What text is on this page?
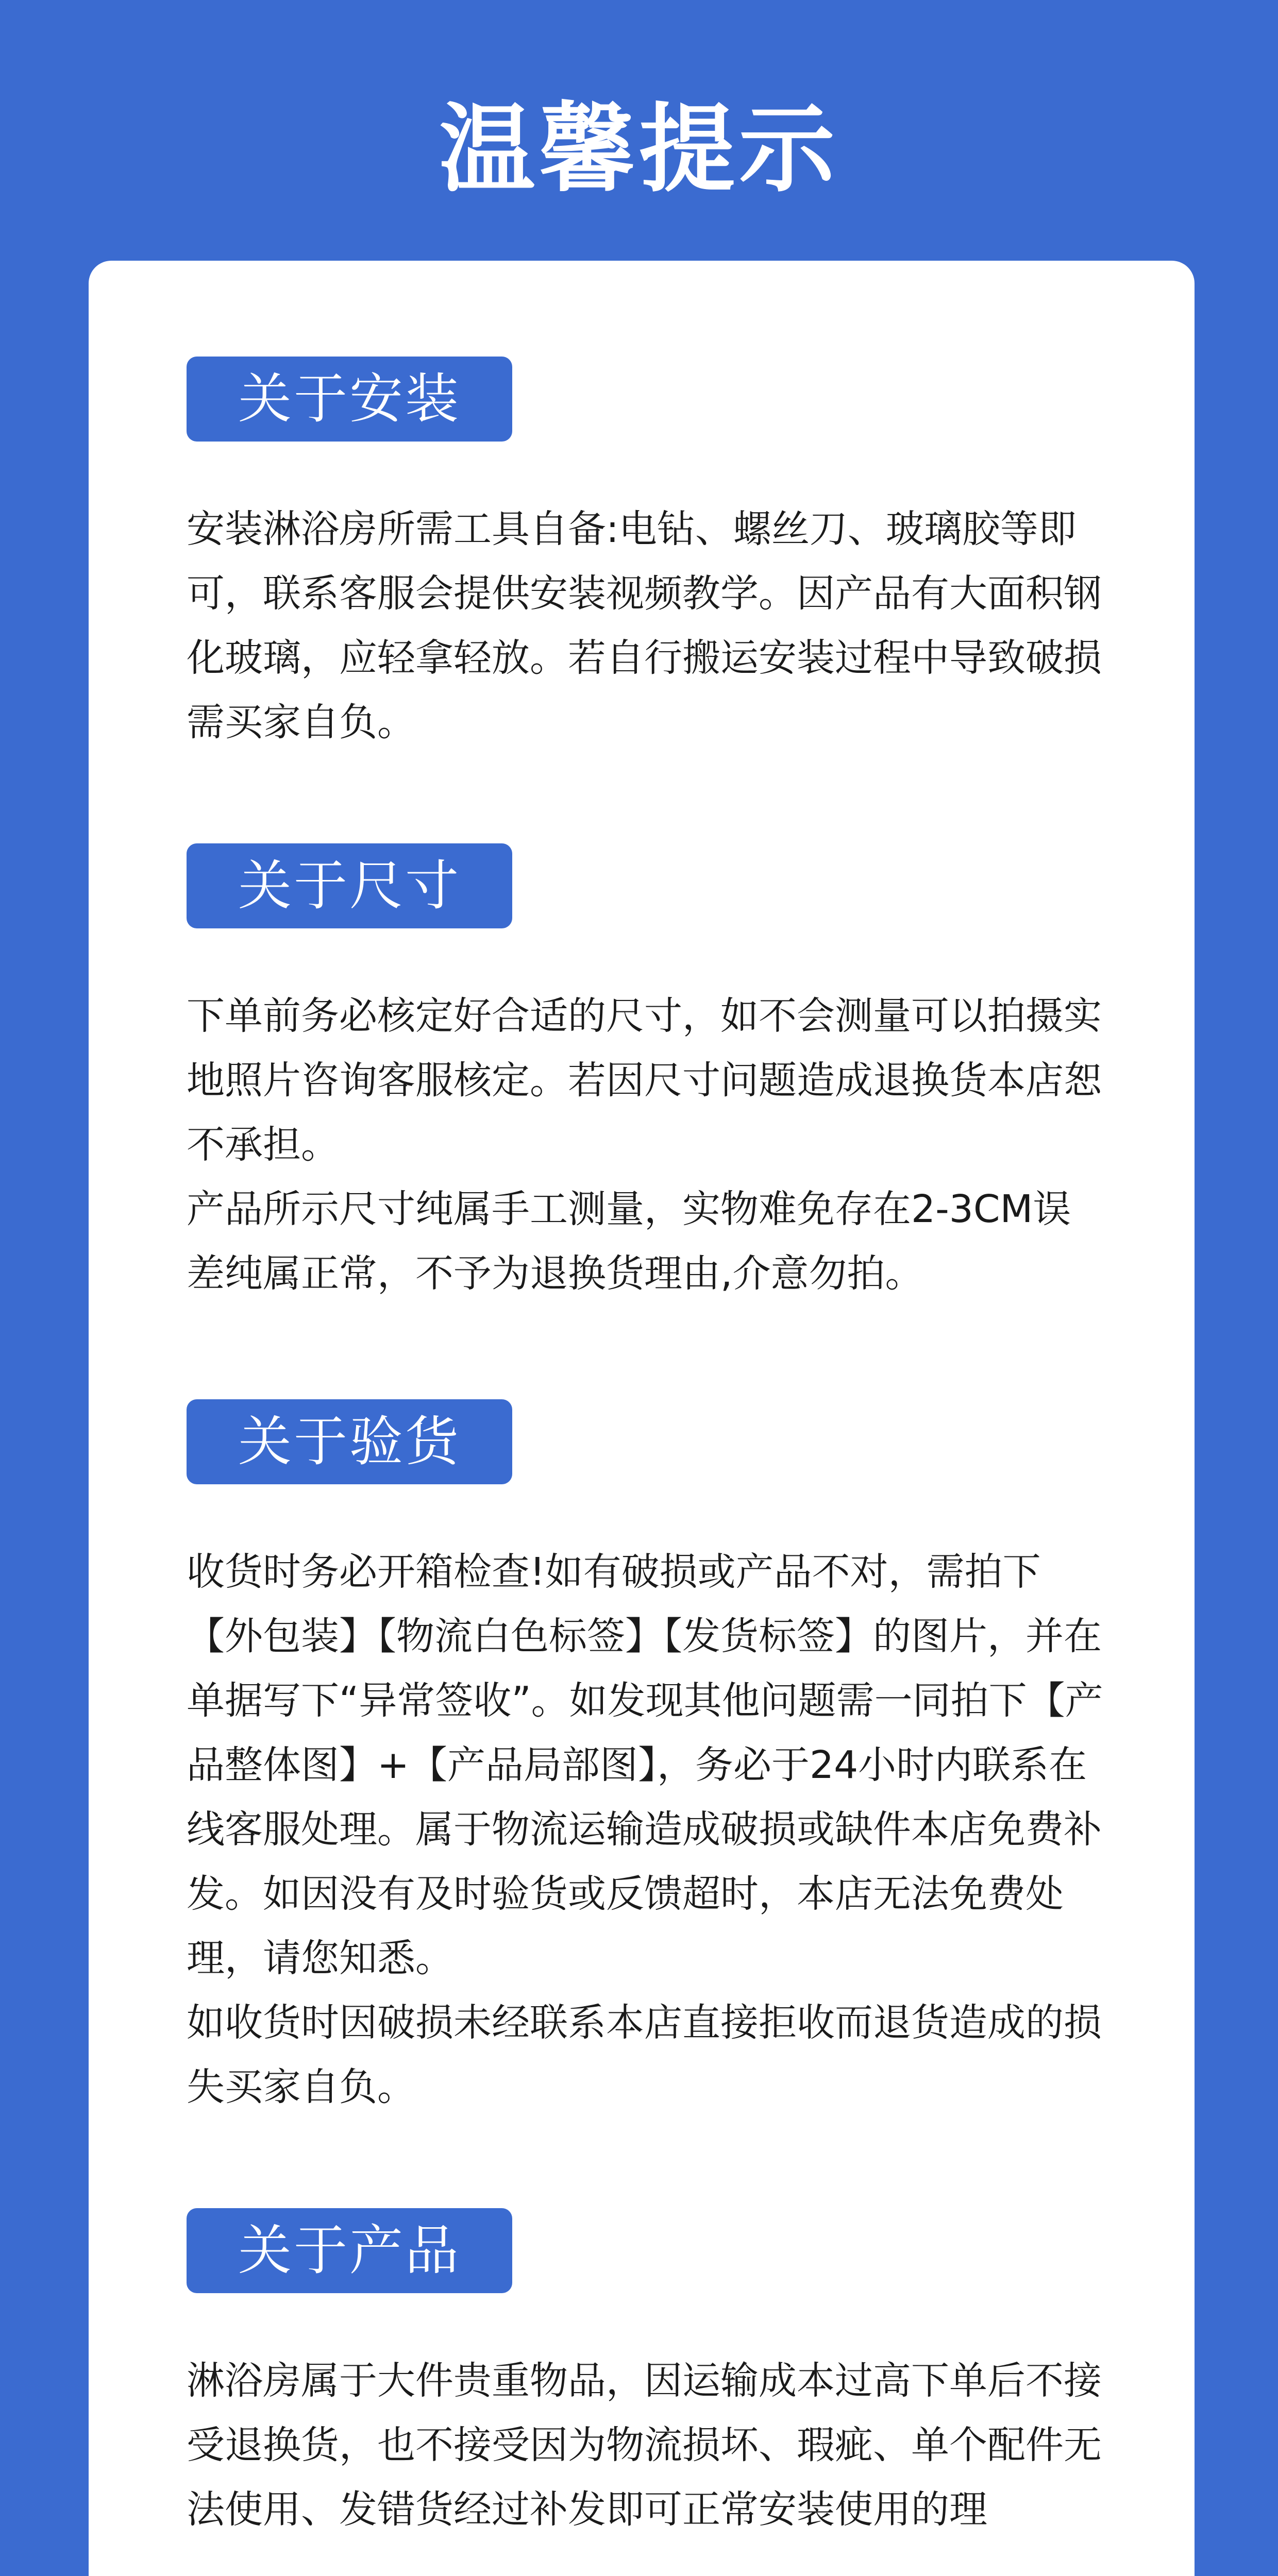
温馨提示
关于安装

安装淋浴房所需工具自备:电钻、螺丝刀、玻璃胶等即可，联系客服会提供安装视频教学。因产品有大面积钢化玻璃，应轻拿轻放。若自行搬运安装过程中导致破损需买家自负。

关于尺寸

下单前务必核定好合适的尺寸，如不会测量可以拍摄实地照片咨询客服核定。若因尺寸问题造成退换货本店恕不承担。

产品所示尺寸纯属手工测量，实物难免存在2-3CM误差纯属正常，不予为退换货理由,介意勿拍。

关于验货

收货时务必开箱检查!如有破损或产品不对，需拍下【外包装】【物流白色标签】【发货标签】的图片，并在单据写下“异常签收”。如发现其他问题需一同拍下【产品整体图】+【产品局部图】，务必于24小时内联系在线客服处理。属于物流运输造成破损或缺件本店免费补发。如因没有及时验货或反馈超时，本店无法免费处理，请您知悉。

如收货时因破损未经联系本店直接拒收而退货造成的损失买家自负。

关于产品

淋浴房属于大件贵重物品，因运输成本过高下单后不接受退换货，也不接受因为物流损坏、瑕疵、单个配件无法使用、发错货经过补发即可正常安装使用的理
